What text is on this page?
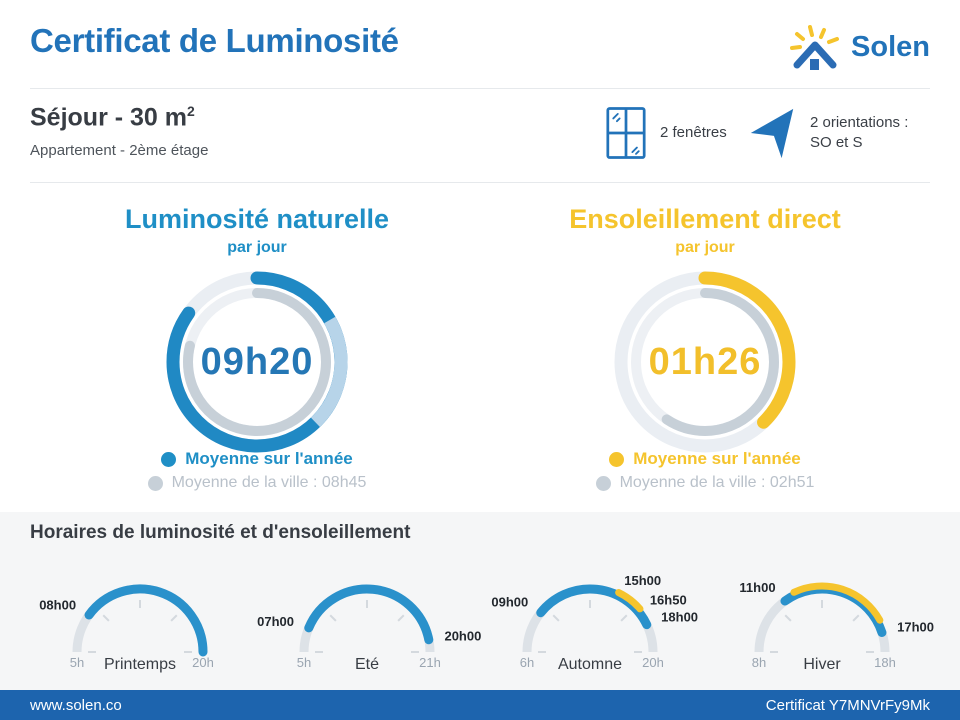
Certificat de Luminosité	Solen
Séjour - 30 $m^2$
Appartement - 2ème étage
2 fenêtres
2 orientations :
SO et S
Luminosité naturelle
par jour
09h20
Moyenne sur l'année
Moyenne de la ville : 08h45
Ensoleillement direct
par jour
01h26
Moyenne sur l'année
Moyenne de la ville : 02h51
Horaires de luminosité et d'ensoleillement
5h	20h
Printemps
08h00
5h	21h
Eté
07h00
20h00
6h	20h
Automne
09h00
15h00
16h50
18h00
8h	18h
Hiver
11h00
17h00
www.solen.co	Certificat Y7MNVrFy9Mk
